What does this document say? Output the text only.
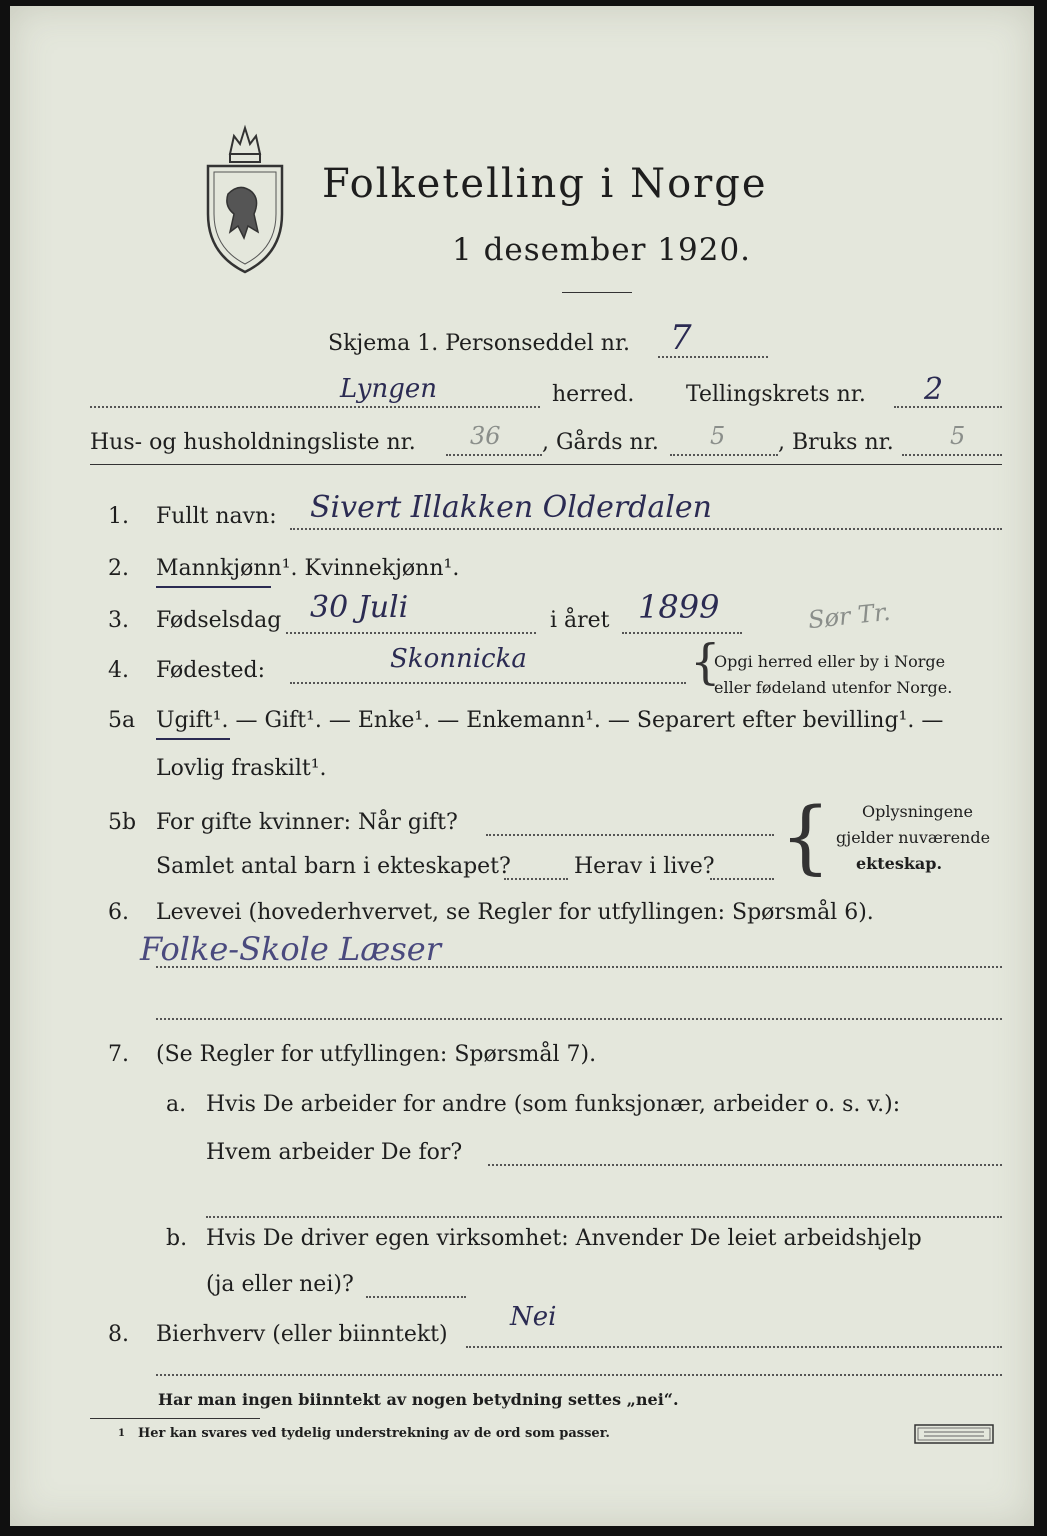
Folketelling i Norge
1 desember 1920.
Skjema 1. Personseddel nr. 7
Lyngen	herred. Tellingskrets nr. 2
Hus- og husholdningsliste nr. 36 , Gårds nr. 5 , Bruks nr. 5
1. Fullt navn: Sivert Illakken Olderdalen
2. Mannkjønn¹. Kvinnekjønn¹.
3. Fødselsdag 30 Juli	i året 1899	Sør Tr.
4. Fødested:	Skonnicka	{
Opgi herred eller by i Norge
eller fødeland utenfor Norge.
5a Ugift¹. — Gift¹. — Enke¹. — Enkemann¹. — Separert efter bevilling¹. —
Lovlig fraskilt¹.
5b For gifte kvinner: Når gift?
Samlet antal barn i ekteskapet?	Herav i live? { Oplysningene
gjelder nuværende
ekteskap.
6. Levevei (hovederhvervet, se Regler for utfyllingen: Spørsmål 6).
Folke-Skole Læser
7. (Se Regler for utfyllingen: Spørsmål 7).
a. Hvis De arbeider for andre (som funksjonær, arbeider o. s. v.):
Hvem arbeider De for?
b. Hvis De driver egen virksomhet: Anvender De leiet arbeidshjelp
(ja eller nei)?
8. Bierhverv (eller biinntekt)
Nei
Har man ingen biinntekt av nogen betydning settes „nei“.
1 Her kan svares ved tydelig understrekning av de ord som passer.
